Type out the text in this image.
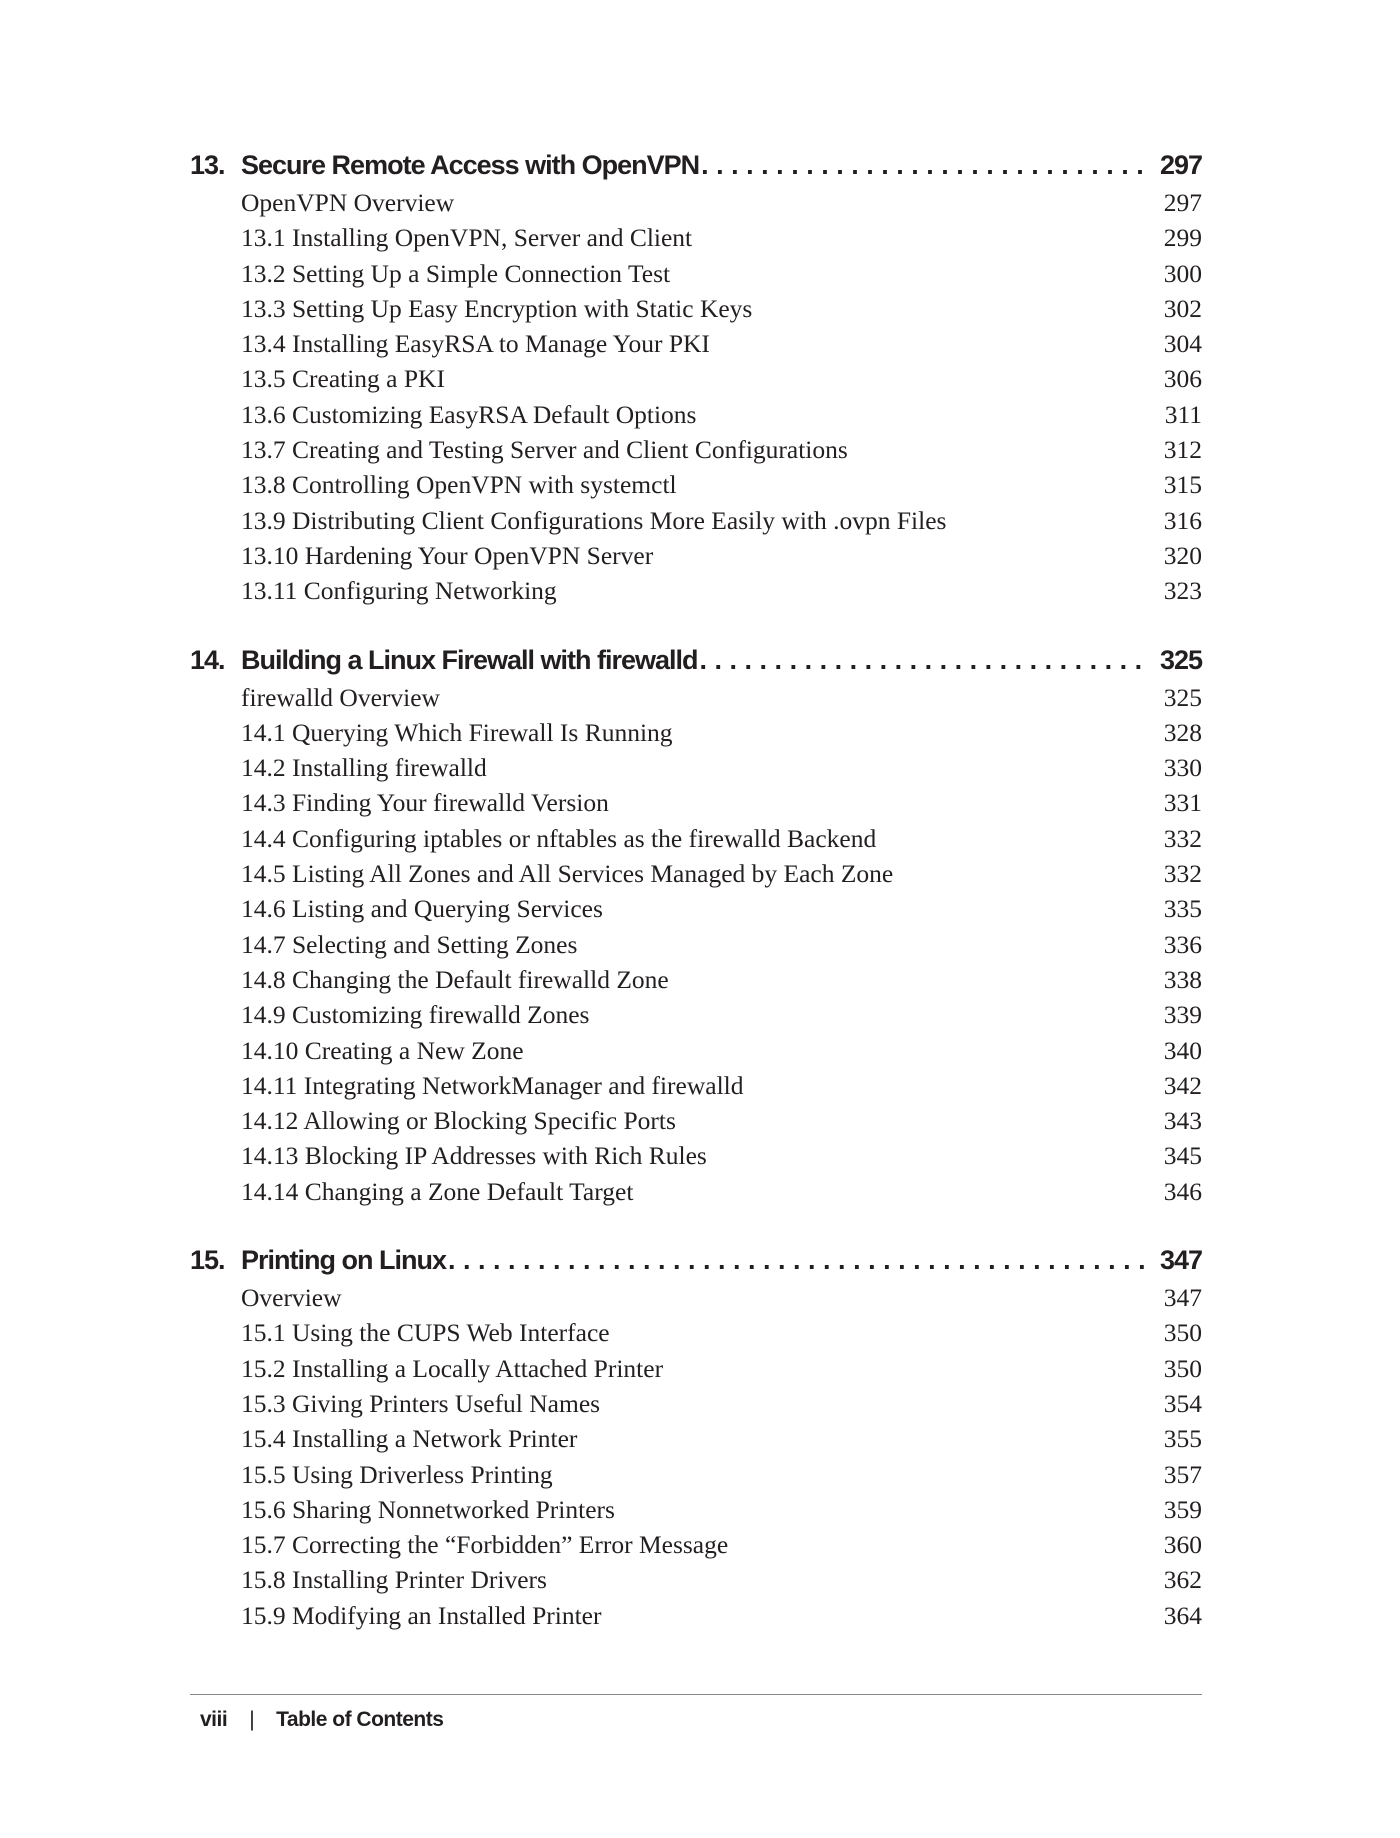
13. Secure Remote Access with OpenVPN . . .	297
OpenVPN Overview	297
13.1 Installing OpenVPN, Server and Client	299
13.2 Setting Up a Simple Connection Test	300
13.3 Setting Up Easy Encryption with Static Keys	302
13.4 Installing EasyRSA to Manage Your PKI	304
13.5 Creating a PKI	306
13.6 Customizing EasyRSA Default Options	311
13.7 Creating and Testing Server and Client Configurations	312
13.8 Controlling OpenVPN with systemctl	315
13.9 Distributing Client Configurations More Easily with .ovpn Files	316
13.10 Hardening Your OpenVPN Server	320
13.11 Configuring Networking	323
14. Building a Linux Firewall with firewalld . . .	325
firewalld Overview	325
14.1 Querying Which Firewall Is Running	328
14.2 Installing firewalld	330
14.3 Finding Your firewalld Version	331
14.4 Configuring iptables or nftables as the firewalld Backend	332
14.5 Listing All Zones and All Services Managed by Each Zone	332
14.6 Listing and Querying Services	335
14.7 Selecting and Setting Zones	336
14.8 Changing the Default firewalld Zone	338
14.9 Customizing firewalld Zones	339
14.10 Creating a New Zone	340
14.11 Integrating NetworkManager and firewalld	342
14.12 Allowing or Blocking Specific Ports	343
14.13 Blocking IP Addresses with Rich Rules	345
14.14 Changing a Zone Default Target	346
15. Printing on Linux . . .	347
Overview	347
15.1 Using the CUPS Web Interface	350
15.2 Installing a Locally Attached Printer	350
15.3 Giving Printers Useful Names	354
15.4 Installing a Network Printer	355
15.5 Using Driverless Printing	357
15.6 Sharing Nonnetworked Printers	359
15.7 Correcting the “Forbidden” Error Message	360
15.8 Installing Printer Drivers	362
15.9 Modifying an Installed Printer	364
viii | Table of Contents
